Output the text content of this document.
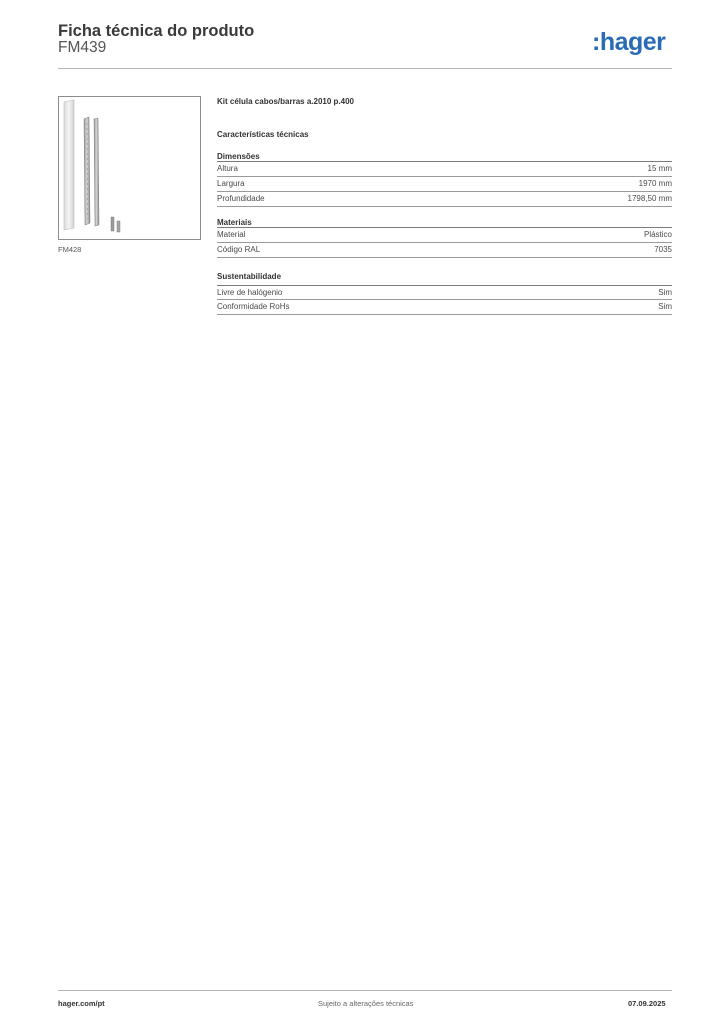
Ficha técnica do produto
FM439	:hager
FM428
Kit célula cabos/barras a.2010 p.400
Características técnicas
Dimensões
Altura	15 mm
Largura	1970 mm
Profundidade	1798,50 mm
Materiais
Material	Plástico
Código RAL	7035
Sustentabilidade
Livre de halógenio	Sim
Conformidade RoHs	Sim
hager.com/pt	Sujeito a alterações técnicas	07.09.2025
